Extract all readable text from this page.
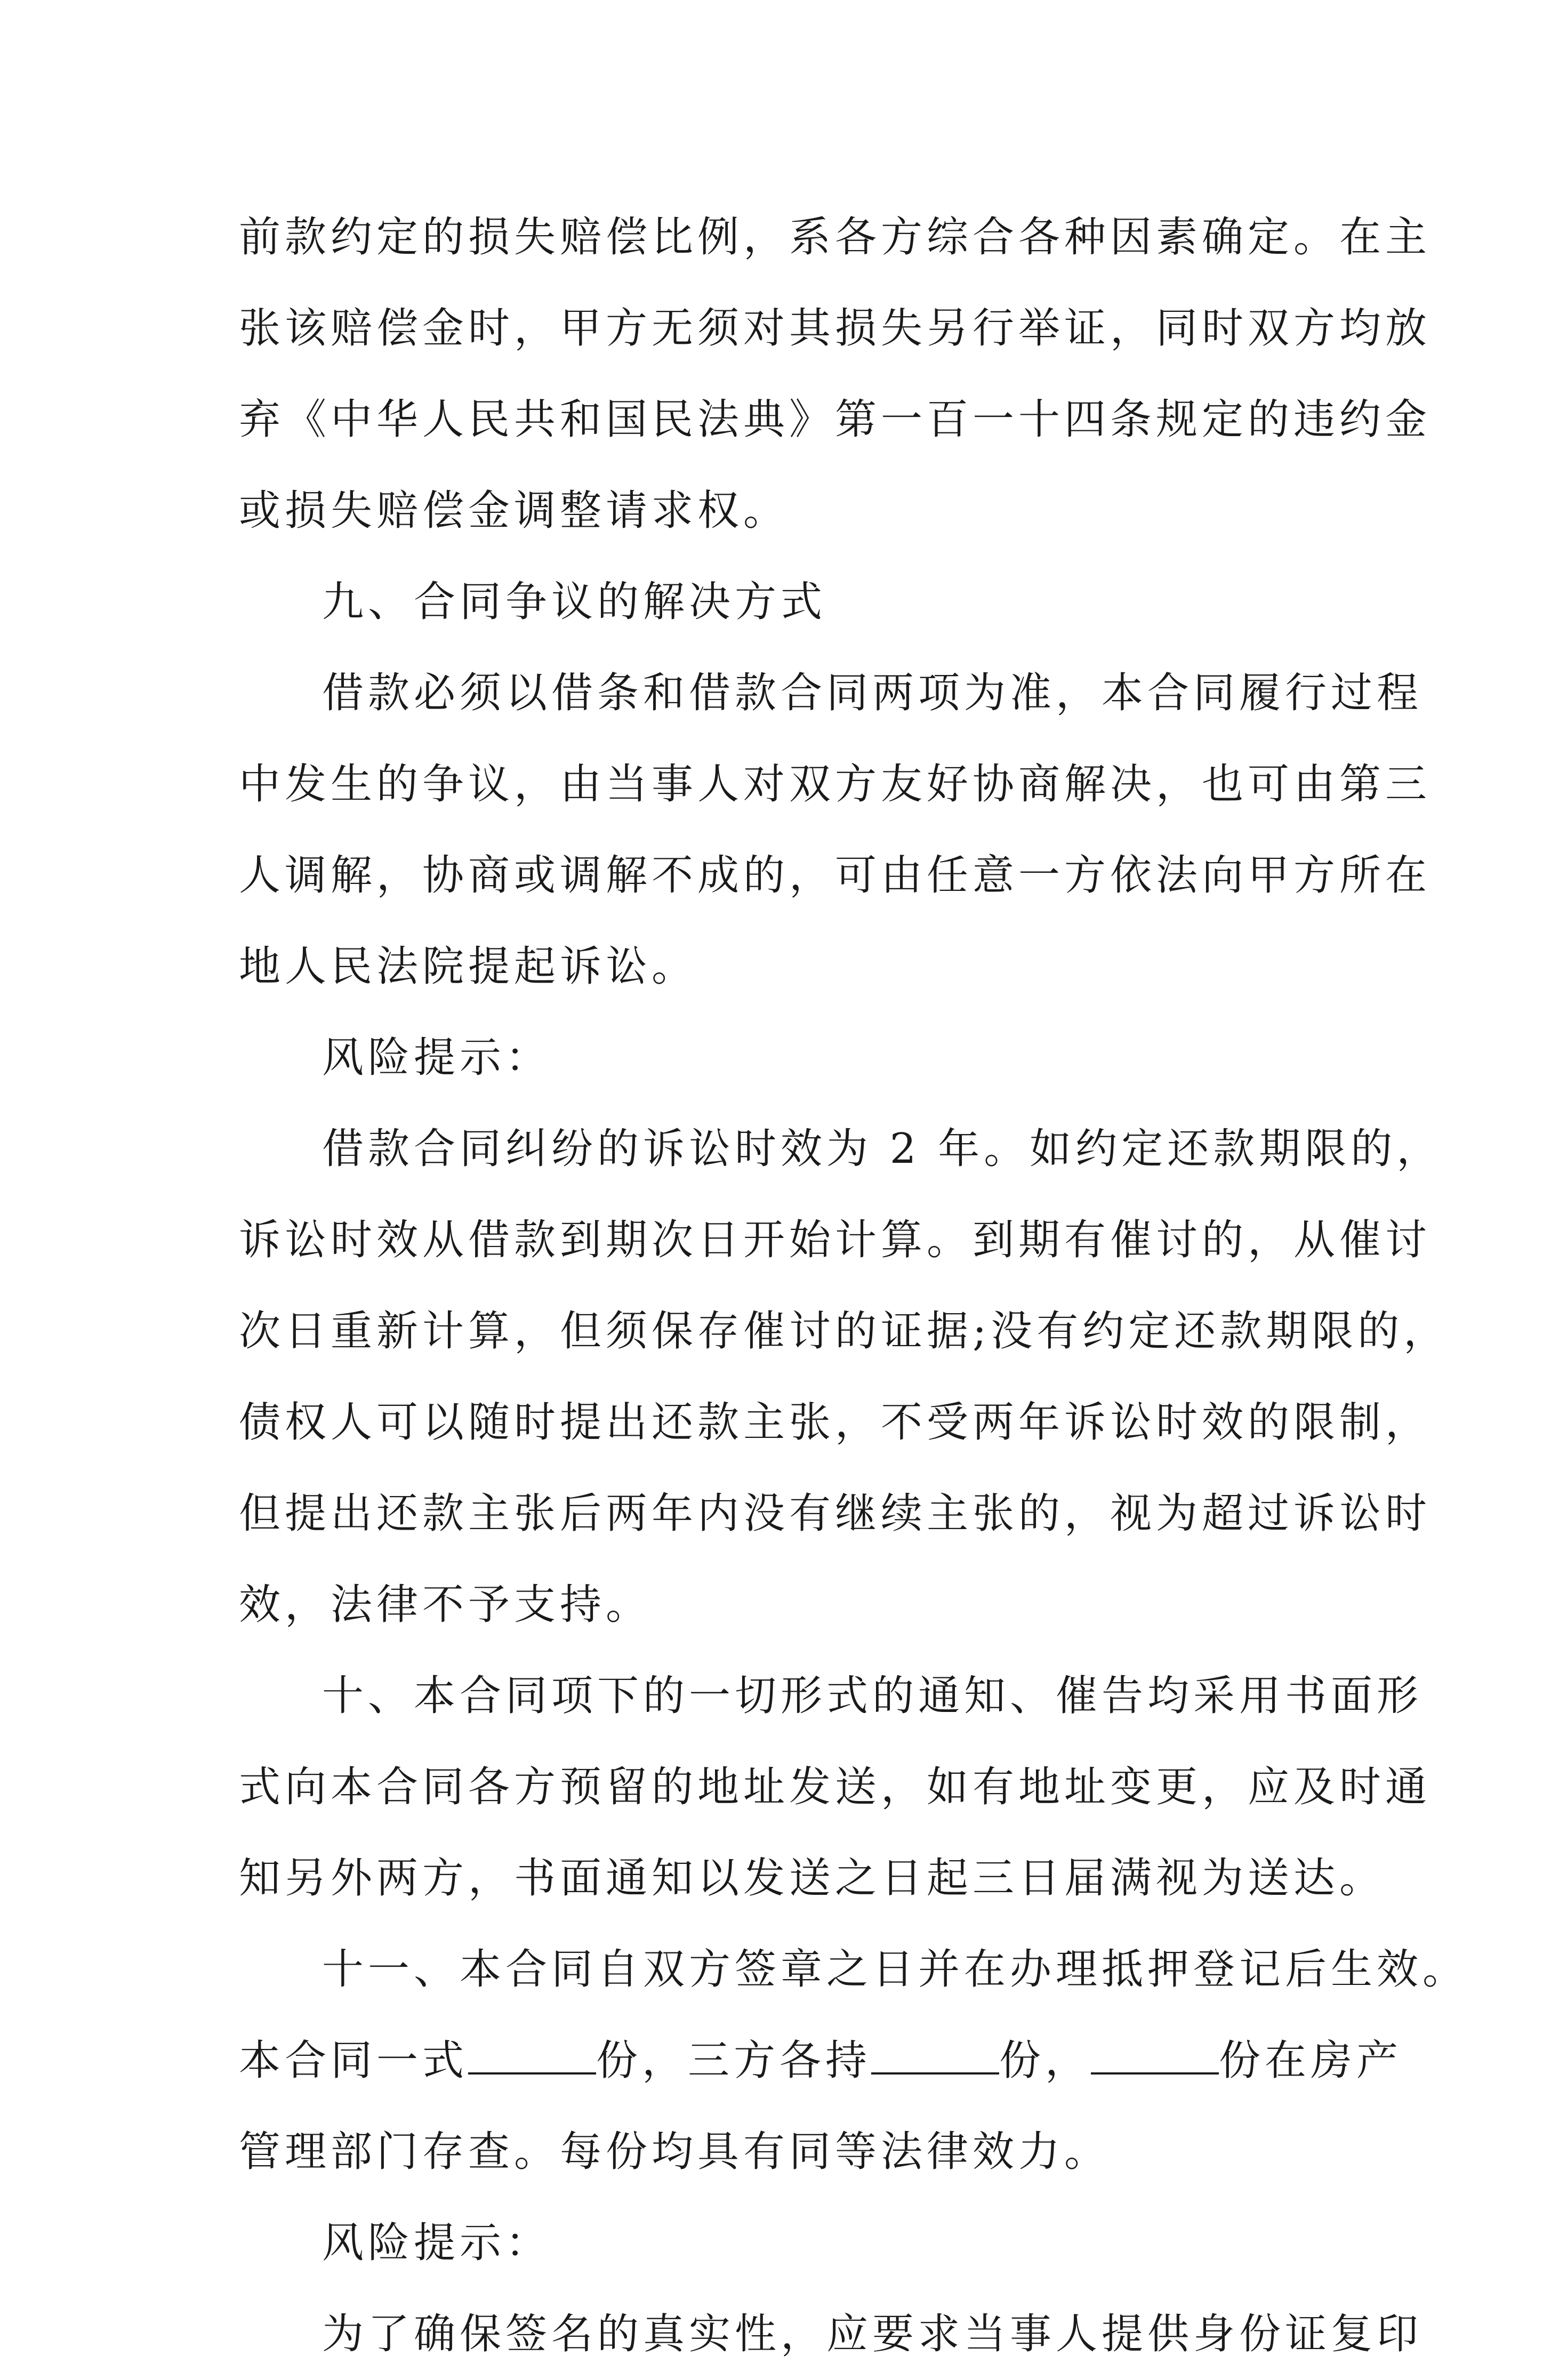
前款约定的损失赔偿比例，系各方综合各种因素确定。在主
张该赔偿金时，甲方无须对其损失另行举证，同时双方均放
弃《中华人民共和国民法典》第一百一十四条规定的违约金
或损失赔偿金调整请求权。
九、合同争议的解决方式
借款必须以借条和借款合同两项为准，本合同履行过程
中发生的争议，由当事人对双方友好协商解决，也可由第三
人调解，协商或调解不成的，可由任意一方依法向甲方所在
地人民法院提起诉讼。
风险提示：
借款合同纠纷的诉讼时效为 2 年。如约定还款期限的，
诉讼时效从借款到期次日开始计算。到期有催讨的，从催讨
次日重新计算，但须保存催讨的证据;没有约定还款期限的，
债权人可以随时提出还款主张，不受两年诉讼时效的限制，
但提出还款主张后两年内没有继续主张的，视为超过诉讼时
效，法律不予支持。
十、本合同项下的一切形式的通知、催告均采用书面形
式向本合同各方预留的地址发送，如有地址变更，应及时通
知另外两方，书面通知以发送之日起三日届满视为送达。
十一、本合同自双方签章之日并在办理抵押登记后生效。
本合同一式	份，三方各持	份，	份在房产
管理部门存查。每份均具有同等法律效力。
风险提示：
为了确保签名的真实性，应要求当事人提供身份证复印
